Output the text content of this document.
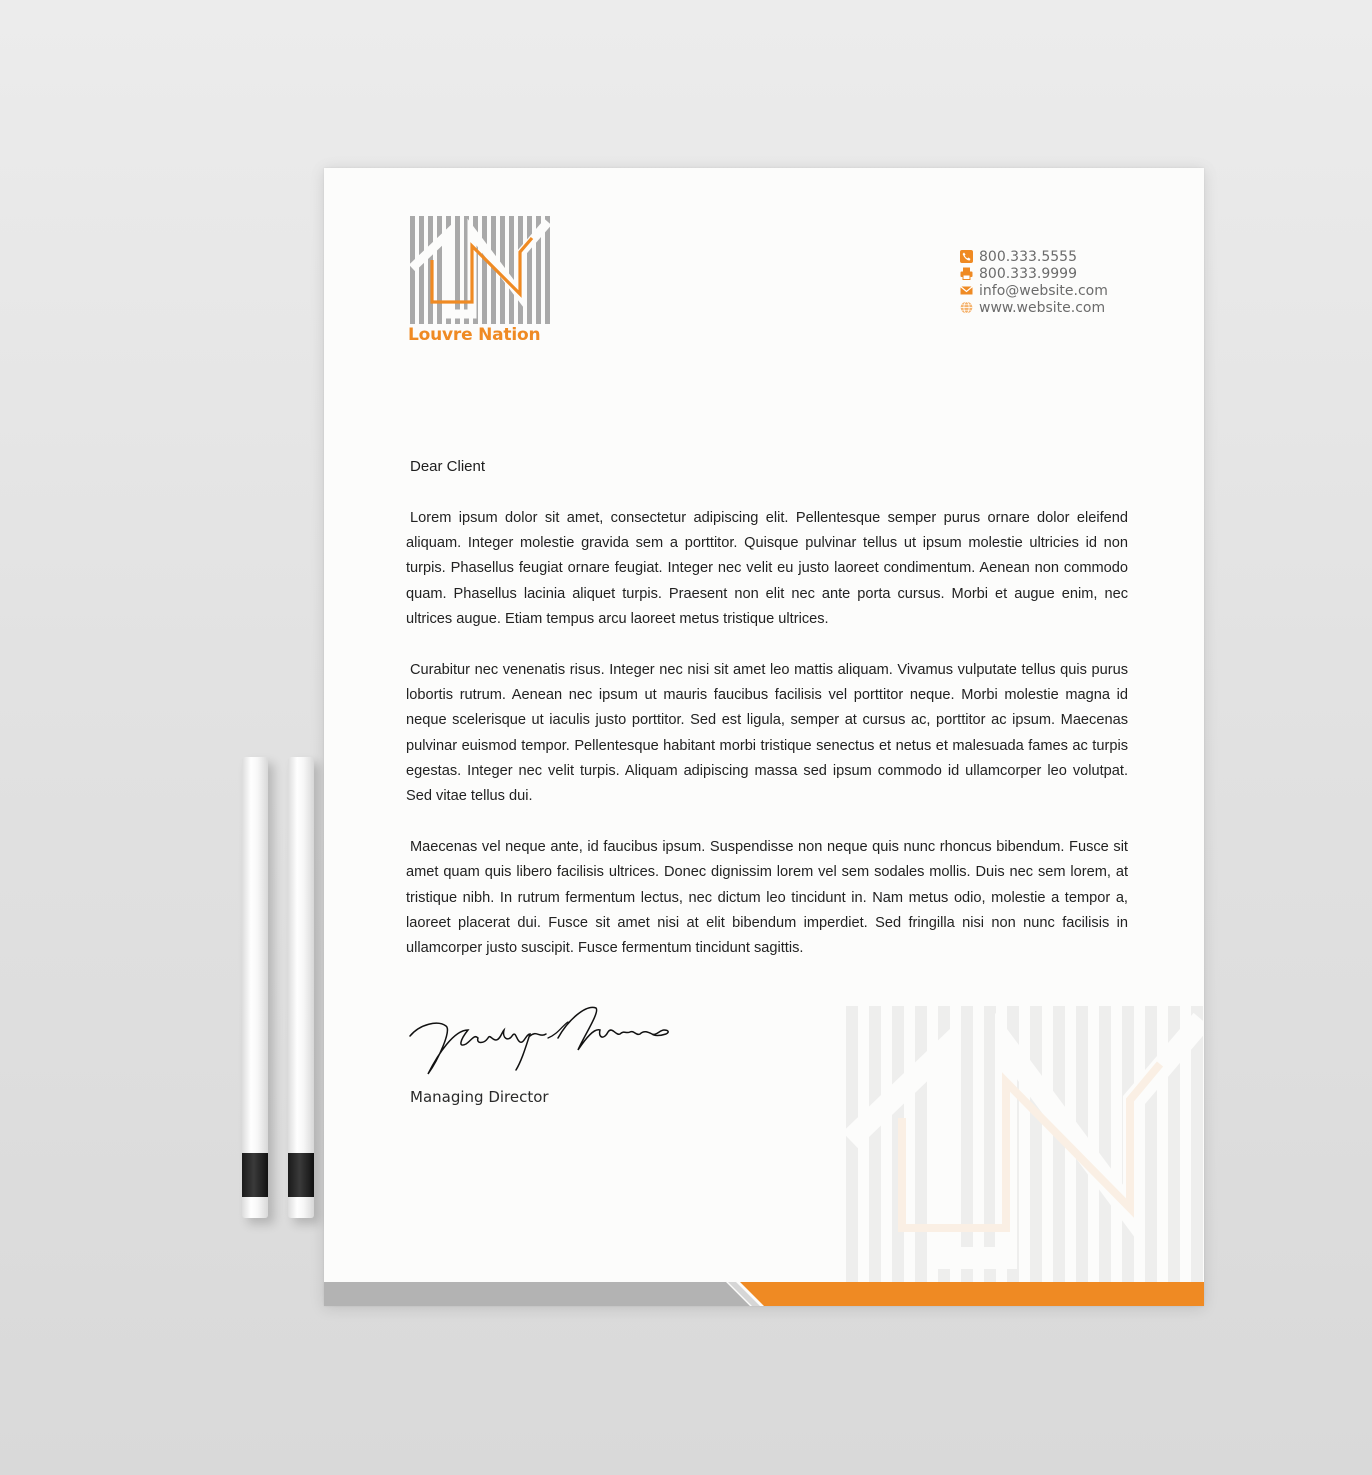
Louvre Nation
800.333.5555
800.333.9999
info@website.com
www.website.com
Dear Client

Lorem ipsum dolor sit amet, consectetur adipiscing elit. Pellentesque semper purus ornare dolor eleifend aliquam. Integer molestie gravida sem a porttitor. Quisque pulvinar tellus ut ipsum molestie ultricies id non turpis. Phasellus feugiat ornare feugiat. Integer nec velit eu justo laoreet condimentum. Aenean non commodo quam. Phasellus lacinia aliquet turpis. Praesent non elit nec ante porta cursus. Morbi et augue enim, nec ultrices augue. Etiam tempus arcu laoreet metus tristique ultrices.

Curabitur nec venenatis risus. Integer nec nisi sit amet leo mattis aliquam. Vivamus vulputate tellus quis purus lobortis rutrum. Aenean nec ipsum ut mauris faucibus facilisis vel porttitor neque. Morbi molestie magna id neque scelerisque ut iaculis justo porttitor. Sed est ligula, semper at cursus ac, porttitor ac ipsum. Maecenas pulvinar euismod tempor. Pellentesque habitant morbi tristique senectus et netus et malesuada fames ac turpis egestas. Integer nec velit turpis. Aliquam adipiscing massa sed ipsum commodo id ullamcorper leo volutpat. Sed vitae tellus dui.

Maecenas vel neque ante, id faucibus ipsum. Suspendisse non neque quis nunc rhoncus bibendum. Fusce sit amet quam quis libero facilisis ultrices. Donec dignissim lorem vel sem sodales mollis. Duis nec sem lorem, at tristique nibh. In rutrum fermentum lectus, nec dictum leo tincidunt in. Nam metus odio, molestie a tempor a, laoreet placerat dui. Fusce sit amet nisi at elit bibendum imperdiet. Sed fringilla nisi non nunc facilisis in ullamcorper justo suscipit. Fusce fermentum tincidunt sagittis.

Managing Director
